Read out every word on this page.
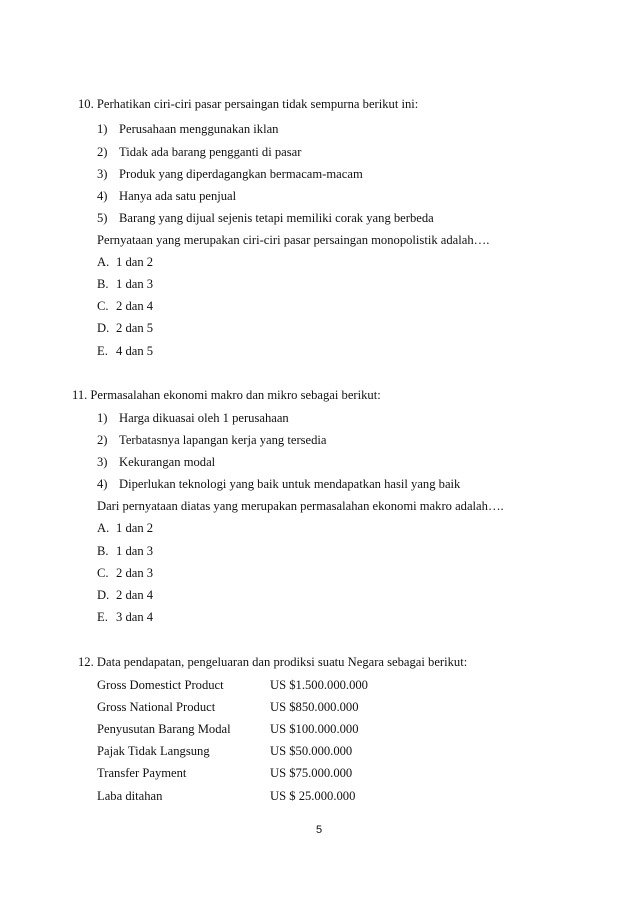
10. Perhatikan ciri-ciri pasar persaingan tidak sempurna berikut ini:
1) Perusahaan menggunakan iklan
2) Tidak ada barang pengganti di pasar
3) Produk yang diperdagangkan bermacam-macam
4) Hanya ada satu penjual
5) Barang yang dijual sejenis tetapi memiliki corak yang berbeda
Pernyataan yang merupakan ciri-ciri pasar persaingan monopolistik adalah….
A. 1 dan 2
B. 1 dan 3
C. 2 dan 4
D. 2 dan 5
E. 4 dan 5
11. Permasalahan ekonomi makro dan mikro sebagai berikut:
1) Harga dikuasai oleh 1 perusahaan
2) Terbatasnya lapangan kerja yang tersedia
3) Kekurangan modal
4) Diperlukan teknologi yang baik untuk mendapatkan hasil yang baik
Dari pernyataan diatas yang merupakan permasalahan ekonomi makro adalah….
A. 1 dan 2
B. 1 dan 3
C. 2 dan 3
D. 2 dan 4
E. 3 dan 4
12. Data pendapatan, pengeluaran dan prodiksi suatu Negara sebagai berikut:
Gross Domestict Product	US $1.500.000.000
Gross National Product	US $850.000.000
Penyusutan Barang Modal	US $100.000.000
Pajak Tidak Langsung	US $50.000.000
Transfer Payment	US $75.000.000
Laba ditahan	US $ 25.000.000
5
